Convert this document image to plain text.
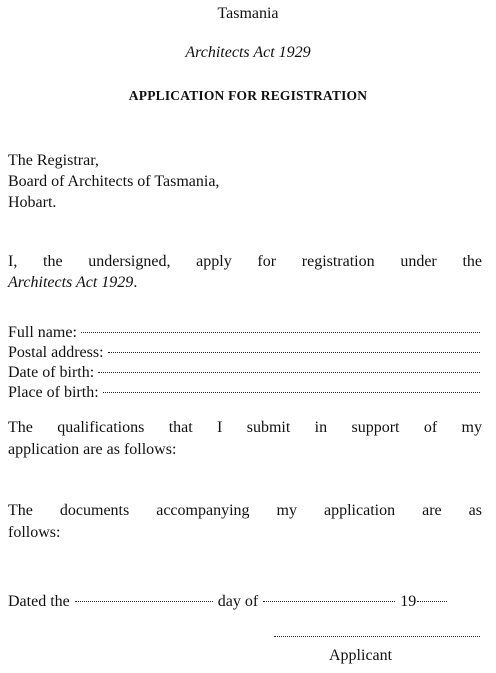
Tasmania
Architects Act 1929
APPLICATION FOR REGISTRATION
The Registrar,
Board of Architects of Tasmania,
Hobart.
I, the undersigned, apply for registration under the
Architects Act 1929.
Full name:
Postal address:
Date of birth:
Place of birth:
The qualifications that I submit in support of my
application are as follows:
The documents accompanying my application are as
follows:
Dated the	day of	19
Applicant
